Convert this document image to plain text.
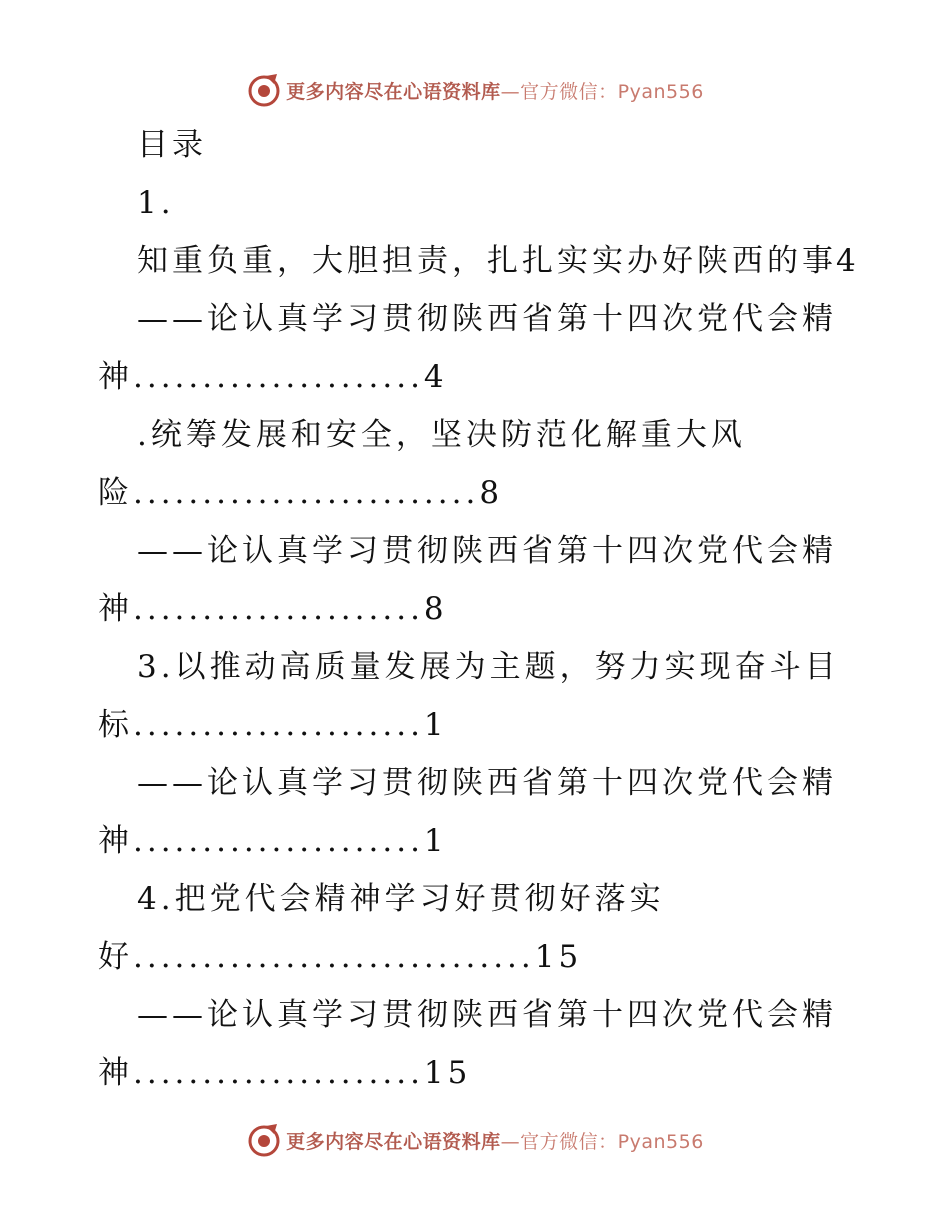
更多内容尽在心语资料库—官方微信：Pyan556
目录
1.
知重负重，大胆担责，扎扎实实办好陕西的事 4
——论认真学习贯彻陕西省第十四次党代会精
神.....................4
.统筹发展和安全，坚决防范化解重大风
险.........................8
——论认真学习贯彻陕西省第十四次党代会精
神.....................8
3.以推动高质量发展为主题，努力实现奋斗目
标.....................1
——论认真学习贯彻陕西省第十四次党代会精
神.....................1
4.把党代会精神学习好贯彻好落实
好.............................15
——论认真学习贯彻陕西省第十四次党代会精
神.....................15
更多内容尽在心语资料库—官方微信：Pyan556
